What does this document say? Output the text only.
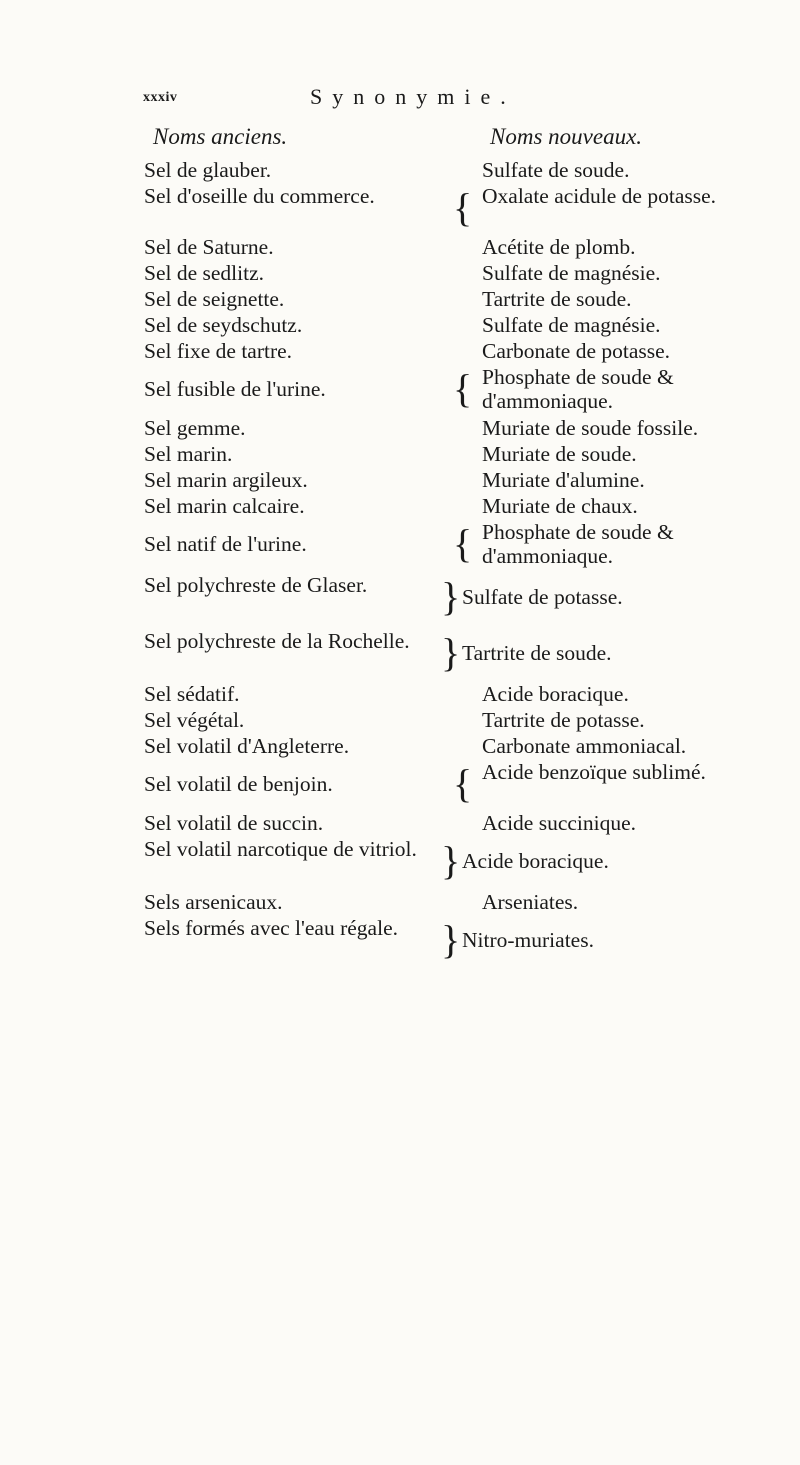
xxxiv	Synonymie.
Noms anciens.	Noms nouveaux.
Sel de glauber.	Sulfate de soude.
Sel d'oseille du commerce.	{ Oxalate acidule de potasse.
Sel de Saturne.	Acétite de plomb.
Sel de sedlitz.	Sulfate de magnésie.
Sel de seignette.	Tartrite de soude.
Sel de seydschutz.	Sulfate de magnésie.
Sel fixe de tartre.	Carbonate de potasse.
Sel fusible de l'urine.	{ Phosphate de soude & d'ammoniaque.
Sel gemme.	Muriate de soude fossile.
Sel marin.	Muriate de soude.
Sel marin argileux.	Muriate d'alumine.
Sel marin calcaire.	Muriate de chaux.
Sel natif de l'urine.	{ Phosphate de soude & d'ammoniaque.
Sel polychreste de Glaser.	} Sulfate de potasse.
Sel polychreste de la Rochelle. } Tartrite de soude.
Sel sédatif.	Acide boracique.
Sel végétal.	Tartrite de potasse.
Sel volatil d'Angleterre.	Carbonate ammoniacal.
Sel volatil de benjoin.	{ Acide benzoïque sublimé.
Sel volatil de succin.	Acide succinique.
Sel volatil narcotique de vitriol. } Acide boracique.
Sels arsenicaux.	Arseniates.
Sels formés avec l'eau régale.	} Nitro-muriates.
